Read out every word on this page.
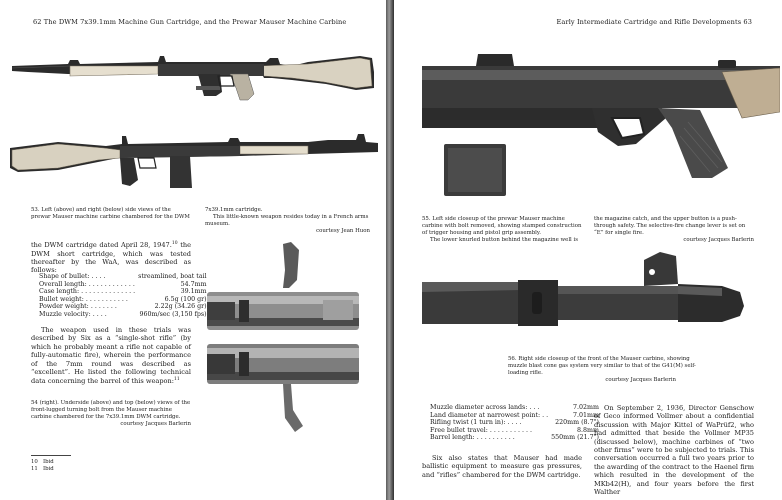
62 The DWM 7x39.1mm Machine Gun Cartridge, and the Prewar Mauser Machine Carbine
53. Left (above) and right (below) side views of the prewar Mauser machine carbine chambered for the DWM
7x39.1mm cartridge.
This little-known weapon resides today in a French arms museum.
courtesy Jean Huon
the DWM cartridge dated April 28, 1947.10 the DWM short cartridge, which was tested thereafter by the WaA, was described as follows:
Shape of bullet: . . . .	streamlined, boat tail
Overall length: . . . . . . . . . . . .	54.7mm
Case length: . . . . . . . . . . . . . .	39.1mm
Bullet weight: . . . . . . . . . . .	6.5g (100 gr)
Powder weight: . . . . . . .	2.22g (34.26 gr)
Muzzle velocity: . . . .	960m/sec (3,150 fps)
The weapon used in these trials was described by Six as a “single-shot rifle” (by which he probably meant a rifle not capable of fully-automatic fire), wherein the performance of the 7mm round was described as “excellent”. He listed the following technical data concerning the barrel of this weapon:$^{11}$
54 (right). Underside (above) and top (below) views of the front-lugged turning bolt from the Mauser machine carbine chambered for the 7x39.1mm DWM cartridge.
courtesy Jacques Barlerin
10 Ibid
11 Ibid
Early Intermediate Cartridge and Rifle Developments 63
55. Left side closeup of the prewar Mauser machine carbine with bolt removed, showing stamped construction of trigger housing and pistol grip assembly.
The lower knurled button behind the magazine well is
the magazine catch, and the upper button is a push-through safety. The selective-fire change lever is set on “E” for single fire.
courtesy Jacques Barlerin
56. Right side closeup of the front of the Mauser carbine, showing muzzle blast cone gas system very similar to that of the G41(M) self-loading rifle.
courtesy Jacques Barlerin
Muzzle diameter across lands: . . .	7.02mm
Land diameter at narrowest point: . .	7.01mm
Rifling twist (1 turn in): . . . .	220mm (8.7")
Free bullet travel: . . . . . . . . . . .	8.8mm
Barrel length: . . . . . . . . . .	550mm (21.7")
Six also states that Mauser had made ballistic equipment to measure gas pressures, and “rifles” chambered for the DWM cartridge.
On September 2, 1936, Director Genschow of Geco informed Vollmer about a confidential discussion with Major Kittel of WaPrüf2, who had admitted that beside the Vollmer MP35 (discussed below), machine carbines of “two other firms” were to be subjected to trials. This conversation occurred a full two years prior to the awarding of the contract to the Haenel firm which resulted in the development of the MKb42(H), and four years before the first Walther
